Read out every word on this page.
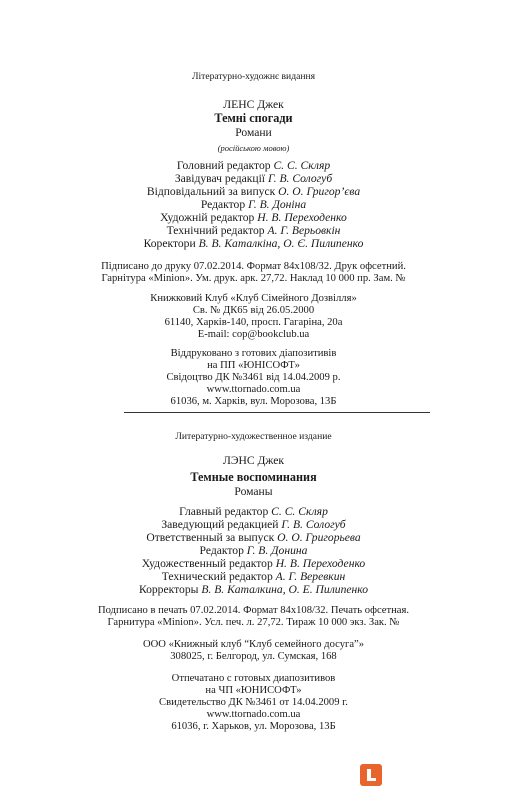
Літературно-художнє видання
ЛЕНС Джек
Темні спогади
Романи
(російською мовою)
Головний редактор С. С. Скляр
Завідувач редакції Г. В. Сологуб
Відповідальний за випуск О. О. Григор’єва
Редактор Г. В. Доніна
Художній редактор Н. В. Переходенко
Технічний редактор А. Г. Верьовкін
Коректори В. В. Каталкіна, О. Є. Пилипенко
Підписано до друку 07.02.2014. Формат 84x108/32. Друк офсетний.
Гарнітура «Minion». Ум. друк. арк. 27,72. Наклад 10 000 пр. Зам. №
Книжковий Клуб «Клуб Сімейного Дозвілля»
Св. № ДК65 від 26.05.2000
61140, Харків-140, просп. Гагаріна, 20а
E-mail: cop@bookclub.ua
Віддруковано з готових діапозитивів
на ПП «ЮНІСОФТ»
Свідоцтво ДК №3461 від 14.04.2009 р.
www.ttornado.com.ua
61036, м. Харків, вул. Морозова, 13Б
Литературно-художественное издание
ЛЭНС Джек
Темные воспоминания
Романы
Главный редактор С. С. Скляр
Заведующий редакцией Г. В. Сологуб
Ответственный за выпуск О. О. Григорьева
Редактор Г. В. Донина
Художественный редактор Н. В. Переходенко
Технический редактор А. Г. Веревкин
Корректоры В. В. Каталкина, О. Е. Пилипенко
Подписано в печать 07.02.2014. Формат 84x108/32. Печать офсетная.
Гарнитура «Minion». Усл. печ. л. 27,72. Тираж 10 000 экз. Зак. №
ООО «Книжный клуб “Клуб семейного досуга”»
308025, г. Белгород, ул. Сумская, 168
Отпечатано с готовых диапозитивов
на ЧП «ЮНИСОФТ»
Свидетельство ДК №3461 от 14.04.2009 г.
www.ttornado.com.ua
61036, г. Харьков, ул. Морозова, 13Б
